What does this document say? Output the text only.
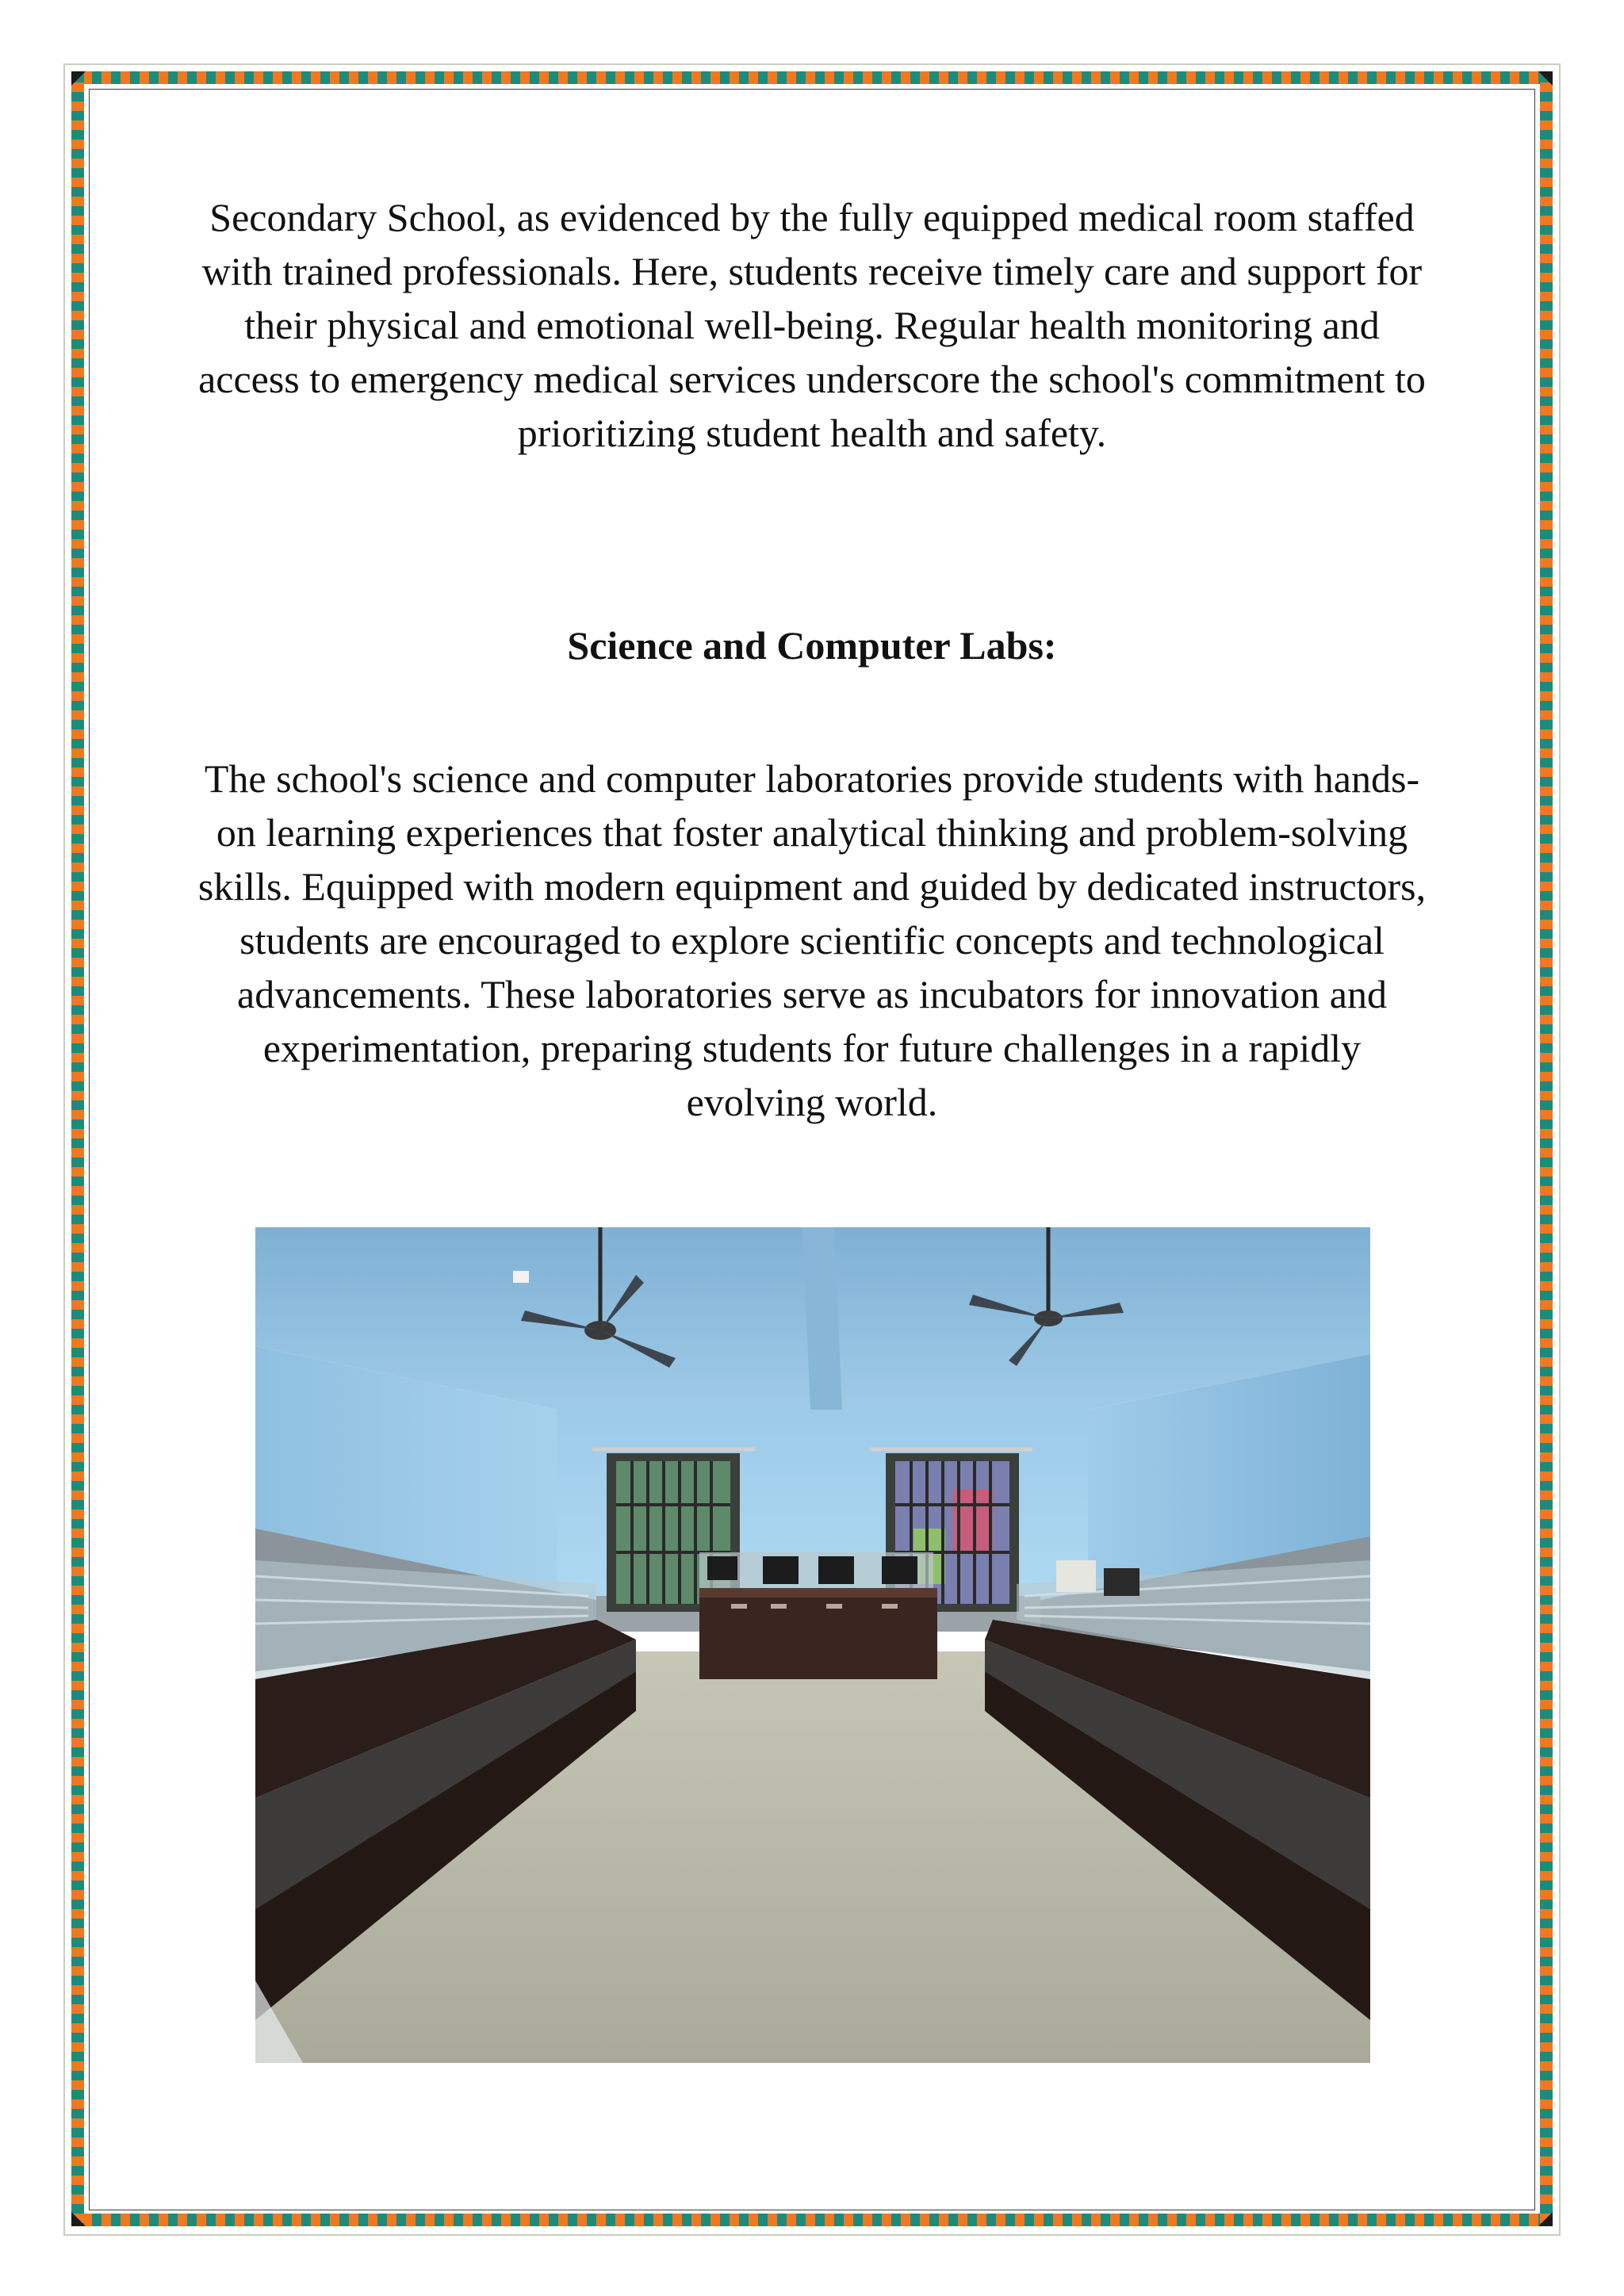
Secondary School, as evidenced by the fully equipped medical room staffed with trained professionals. Here, students receive timely care and support for their physical and emotional well-being. Regular health monitoring and access to emergency medical services underscore the school's commitment to prioritizing student health and safety.

Science and Computer Labs:

The school's science and computer laboratories provide students with hands-on learning experiences that foster analytical thinking and problem-solving skills. Equipped with modern equipment and guided by dedicated instructors, students are encouraged to explore scientific concepts and technological advancements. These laboratories serve as incubators for innovation and experimentation, preparing students for future challenges in a rapidly evolving world.
